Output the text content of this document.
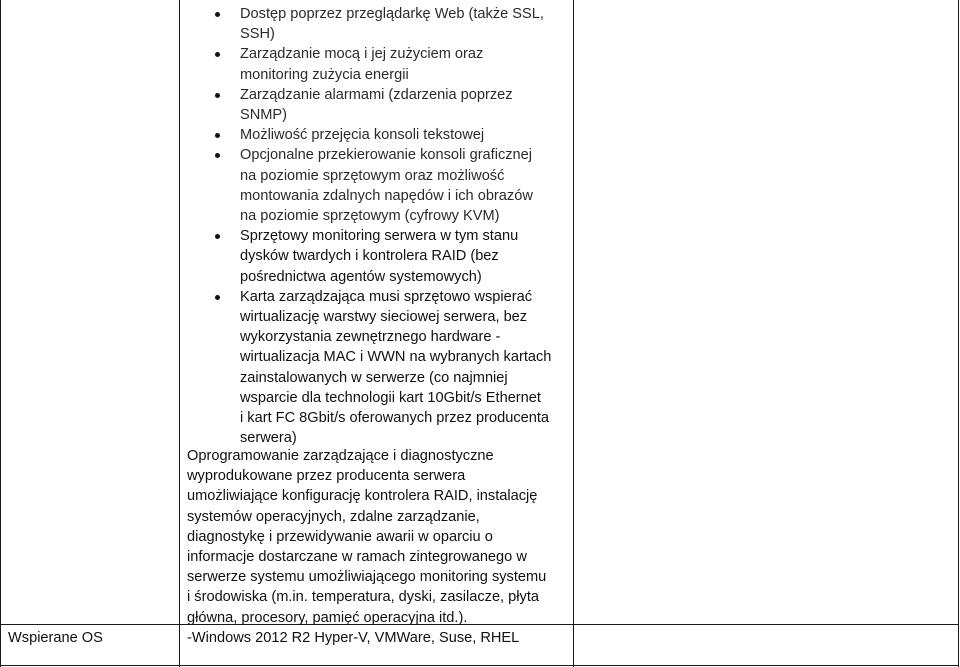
Dostęp poprzez przeglądarkę Web (także SSL,
SSH)
Zarządzanie mocą i jej zużyciem oraz
monitoring zużycia energii
Zarządzanie alarmami (zdarzenia poprzez
SNMP)
Możliwość przejęcia konsoli tekstowej
Opcjonalne przekierowanie konsoli graficznej
na poziomie sprzętowym oraz możliwość
montowania zdalnych napędów i ich obrazów
na poziomie sprzętowym (cyfrowy KVM)
Sprzętowy monitoring serwera w tym stanu
dysków twardych i kontrolera RAID (bez
pośrednictwa agentów systemowych)
Karta zarządzająca musi sprzętowo wspierać
wirtualizację warstwy sieciowej serwera, bez
wykorzystania zewnętrznego hardware -
wirtualizacja MAC i WWN na wybranych kartach
zainstalowanych w serwerze (co najmniej
wsparcie dla technologii kart 10Gbit/s Ethernet
i kart FC 8Gbit/s oferowanych przez producenta
serwera)
Oprogramowanie zarządzające i diagnostyczne
wyprodukowane przez producenta serwera
umożliwiające konfigurację kontrolera RAID, instalację
systemów operacyjnych, zdalne zarządzanie,
diagnostykę i przewidywanie awarii w oparciu o
informacje dostarczane w ramach zintegrowanego w
serwerze systemu umożliwiającego monitoring systemu
i środowiska (m.in. temperatura, dyski, zasilacze, płyta
główna, procesory, pamięć operacyjna itd.).
Wspierane OS	-Windows 2012 R2 Hyper-V, VMWare, Suse, RHEL
